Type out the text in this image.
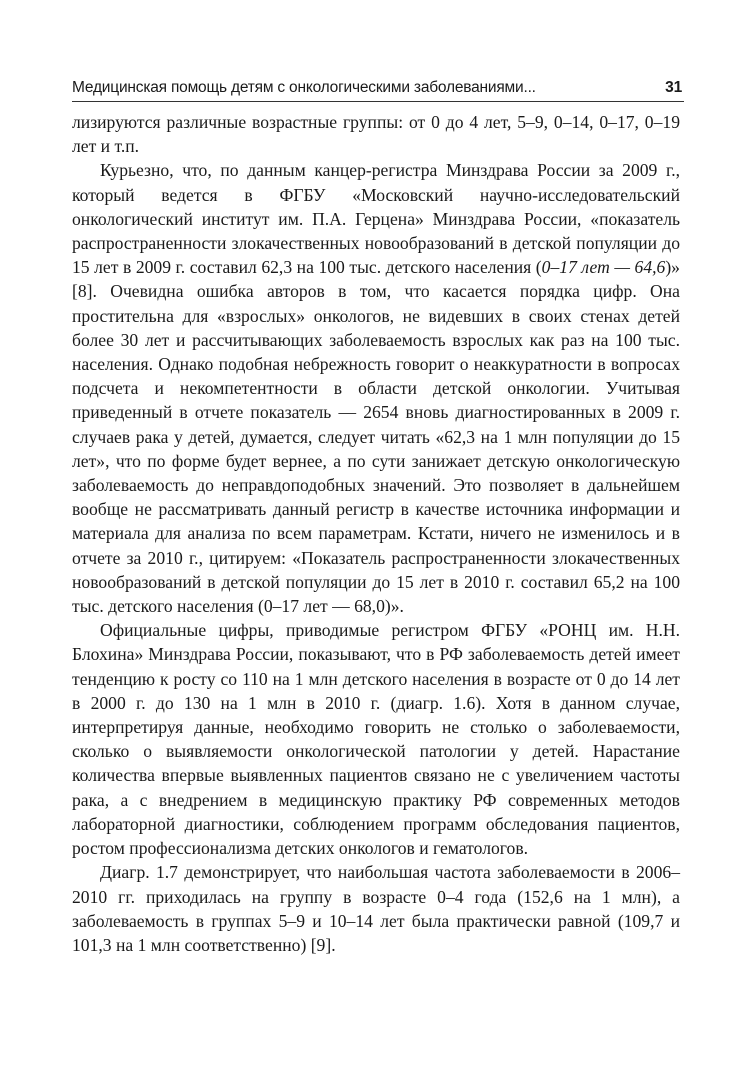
Медицинская помощь детям с онкологическими заболеваниями...	31

лизируются различные возрастные группы: от 0 до 4 лет, 5–9, 0–14, 0–17, 0–19 лет и т.п.

Курьезно, что, по данным канцер-регистра Минздрава России за 2009 г., который ведется в ФГБУ «Московский научно-исследовательский онкологический институт им. П.А. Герцена» Минздрава России, «показатель распространенности злокачественных новообразований в детской популяции до 15 лет в 2009 г. составил 62,3 на 100 тыс. детского населения (0–17 лет — 64,6)» [8]. Очевидна ошибка авторов в том, что касается порядка цифр. Она простительна для «взрослых» онкологов, не видевших в своих стенах детей более 30 лет и рассчитывающих заболеваемость взрослых как раз на 100 тыс. населения. Однако подобная небрежность говорит о неаккуратности в вопросах подсчета и некомпетентности в области детской онкологии. Учитывая приведенный в отчете показатель — 2654 вновь диагностированных в 2009 г. случаев рака у детей, думается, следует читать «62,3 на 1 млн популяции до 15 лет», что по форме будет вернее, а по сути занижает детскую онкологическую заболеваемость до неправдоподобных значений. Это позволяет в дальнейшем вообще не рассматривать данный регистр в качестве источника информации и материала для анализа по всем параметрам. Кстати, ничего не изменилось и в отчете за 2010 г., цитируем: «Показатель распространенности злокачественных новообразований в детской популяции до 15 лет в 2010 г. составил 65,2 на 100 тыс. детского населения (0–17 лет — 68,0)».

Официальные цифры, приводимые регистром ФГБУ «РОНЦ им. Н.Н. Блохина» Минздрава России, показывают, что в РФ заболеваемость детей имеет тенденцию к росту со 110 на 1 млн детского населения в возрасте от 0 до 14 лет в 2000 г. до 130 на 1 млн в 2010 г. (диагр. 1.6). Хотя в данном случае, интерпретируя данные, необходимо говорить не столько о заболеваемости, сколько о выявляемости онкологической патологии у детей. Нарастание количества впервые выявленных пациентов связано не с увеличением частоты рака, а с внедрением в медицинскую практику РФ современных методов лабораторной диагностики, соблюдением программ обследования пациентов, ростом профессионализма детских онкологов и гематологов.

Диагр. 1.7 демонстрирует, что наибольшая частота заболеваемости в 2006–2010 гг. приходилась на группу в возрасте 0–4 года (152,6 на 1 млн), а заболеваемость в группах 5–9 и 10–14 лет была практически равной (109,7 и 101,3 на 1 млн соответственно) [9].
